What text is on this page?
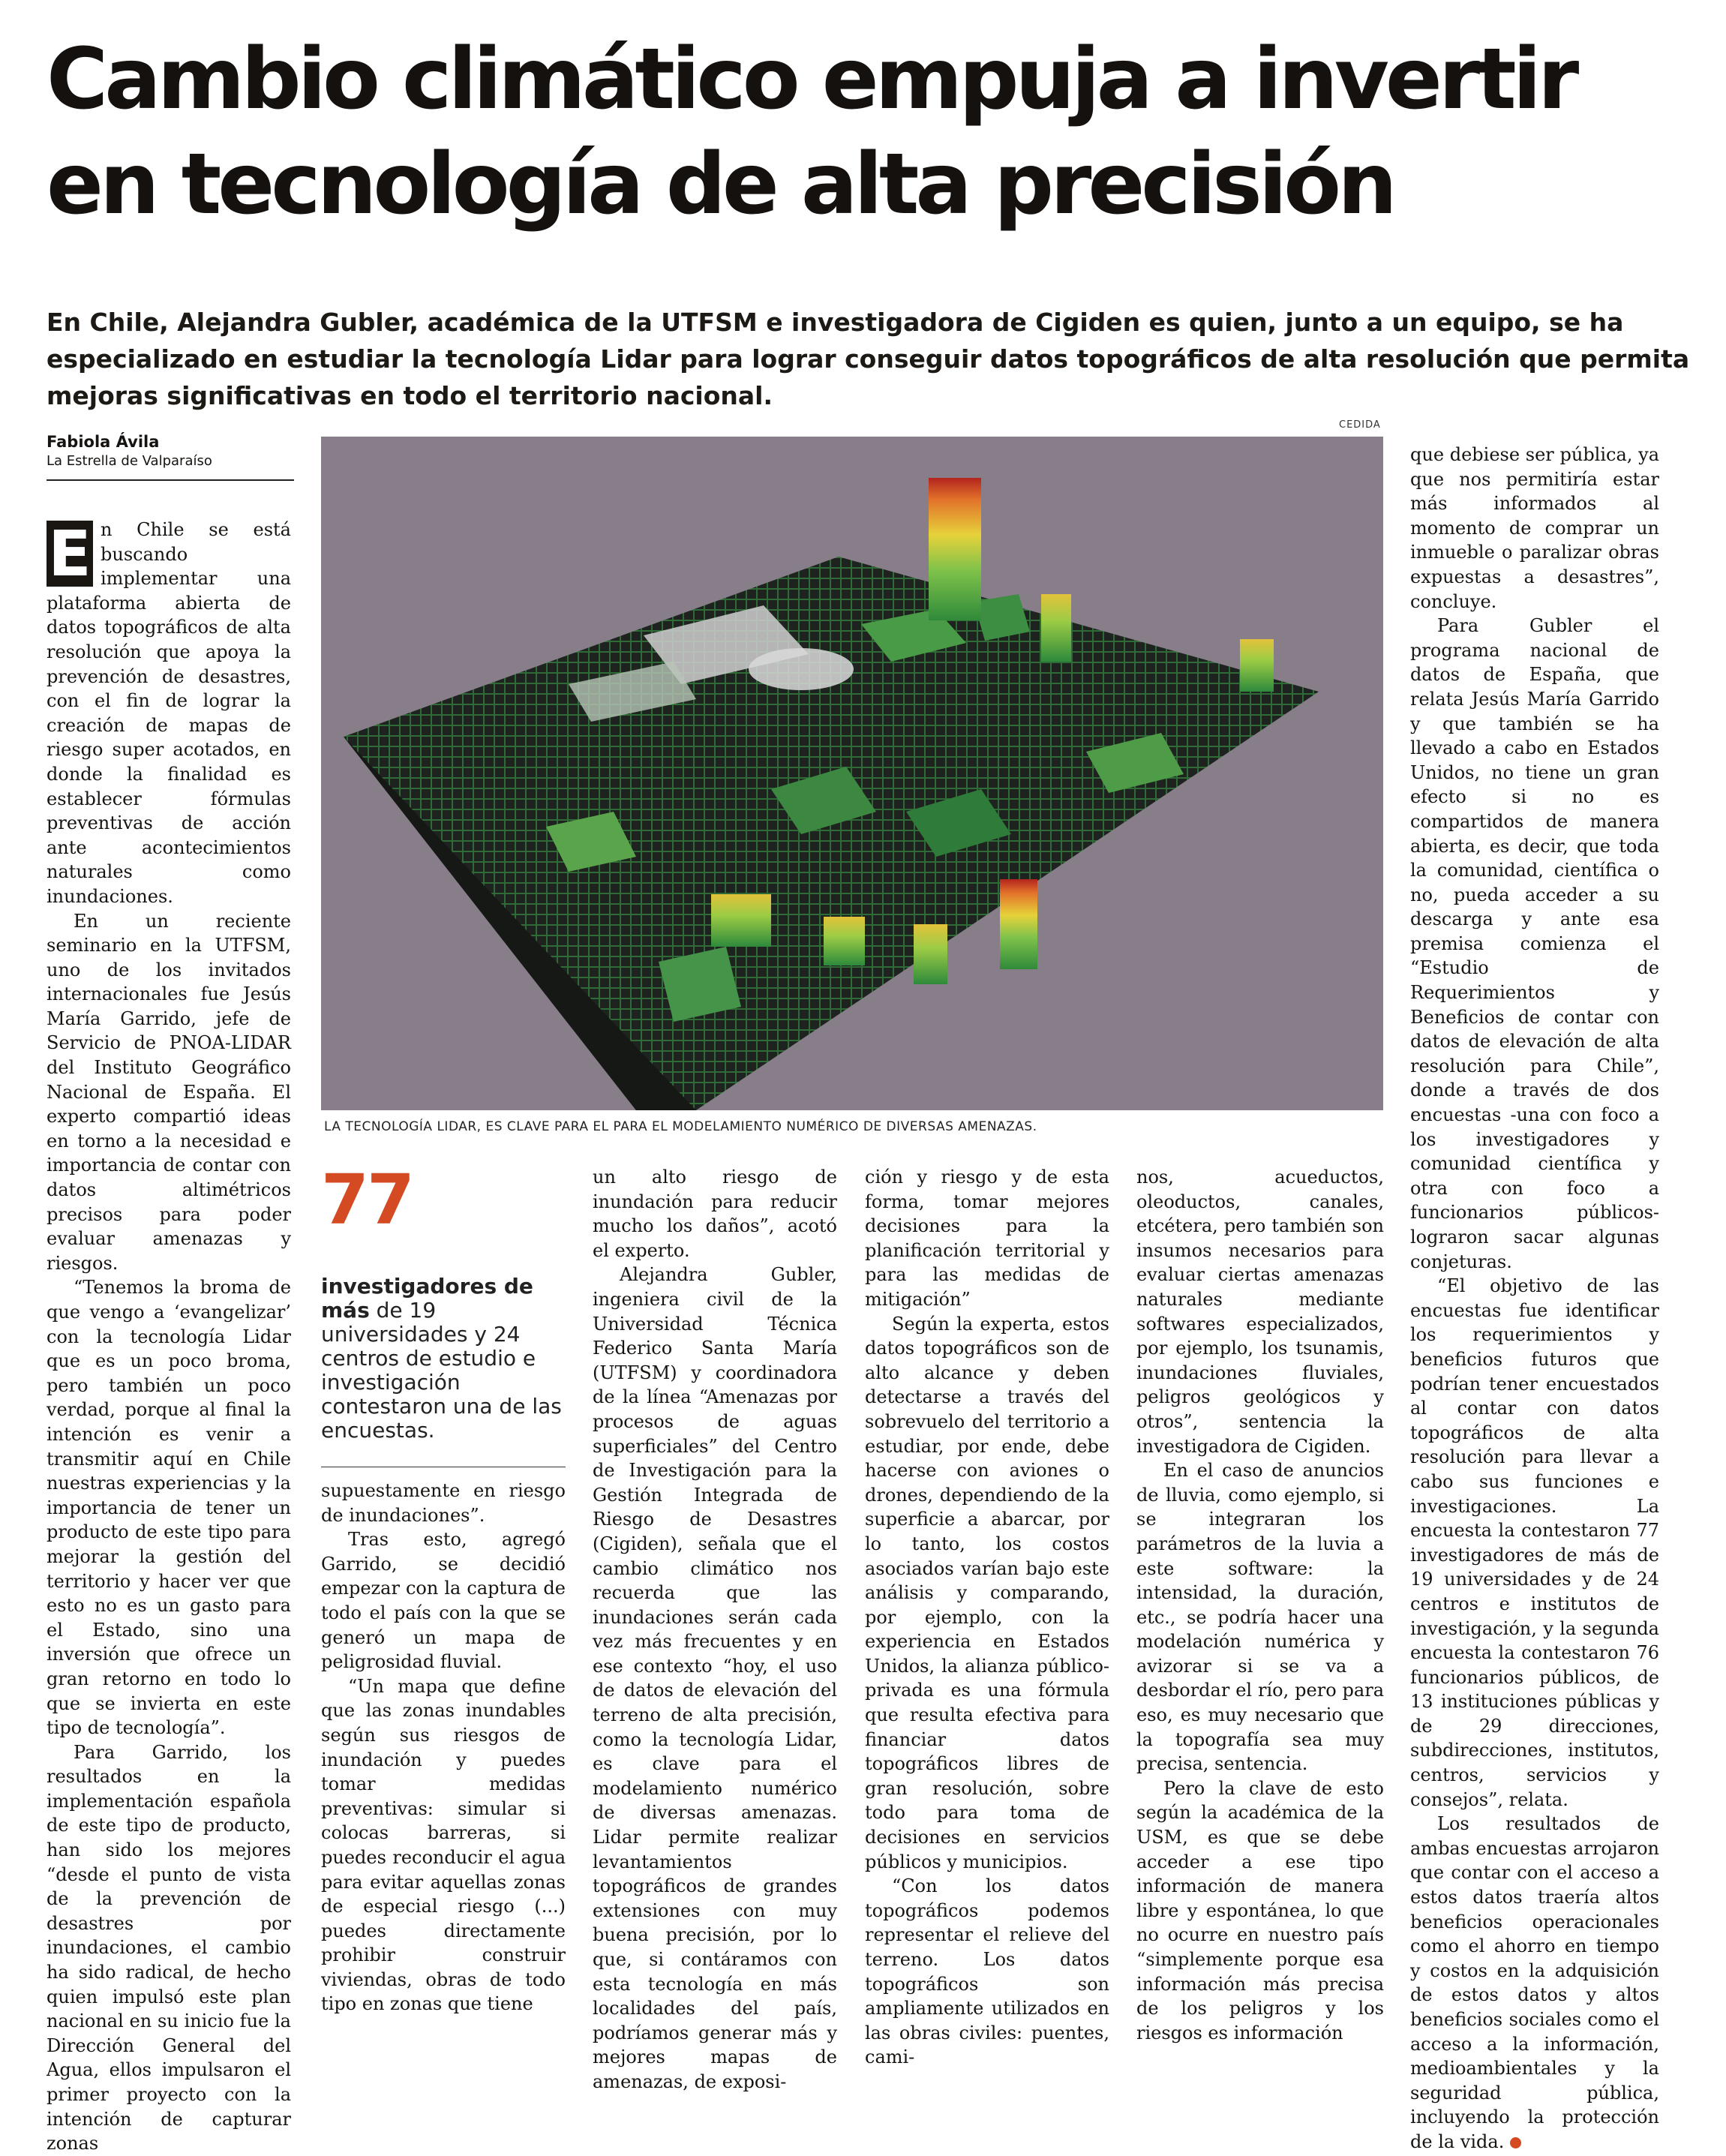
Cambio climático empuja a invertir
en tecnología de alta precisión
En Chile, Alejandra Gubler, académica de la UTFSM e investigadora de Cigiden es quien, junto a un equipo, se ha
especializado en estudiar la tecnología Lidar para lograr conseguir datos topográficos de alta resolución que permita
mejoras significativas en todo el territorio nacional.
Fabiola Ávila
La Estrella de Valparaíso
CEDIDA
LA TECNOLOGÍA LIDAR, ES CLAVE PARA EL PARA EL MODELAMIENTO NUMÉRICO DE DIVERSAS AMENAZAS.

E n Chile se está buscando implementar una plataforma abierta de datos topográficos de alta resolución que apoya la prevención de desastres, con el fin de lograr la creación de mapas de riesgo super acotados, en donde la finalidad es establecer fórmulas preventivas de acción ante acontecimientos naturales como inundaciones.

En un reciente seminario en la UTFSM, uno de los invitados internacionales fue Jesús María Garrido, jefe de Servicio de PNOA-LIDAR del Instituto Geográfico Nacional de España. El experto compartió ideas en torno a la necesidad e importancia de contar con datos altimétricos precisos para poder evaluar amenazas y riesgos.

“Tenemos la broma de que vengo a ‘evangelizar’ con la tecnología Lidar que es un poco broma, pero también un poco verdad, porque al final la intención es venir a transmitir aquí en Chile nuestras experiencias y la importancia de tener un producto de este tipo para mejorar la gestión del territorio y hacer ver que esto no es un gasto para el Estado, sino una inversión que ofrece un gran retorno en todo lo que se invierta en este tipo de tecnología”.

Para Garrido, los resultados en la implementación española de este tipo de producto, han sido los mejores “desde el punto de vista de la prevención de desastres por inundaciones, el cambio ha sido radical, de hecho quien impulsó este plan nacional en su inicio fue la Dirección General del Agua, ellos impulsaron el primer proyecto con la intención de capturar zonas

77
investigadores de más de 19 universidades y 24 centros de estudio e investigación contestaron una de las encuestas.

supuestamente en riesgo de inundaciones”.

Tras esto, agregó Garrido, se decidió empezar con la captura de todo el país con la que se generó un mapa de peligrosidad fluvial.

“Un mapa que define que las zonas inundables según sus riesgos de inundación y puedes tomar medidas preventivas: simular si colocas barreras, si puedes reconducir el agua para evitar aquellas zonas de especial riesgo (...) puedes directamente prohibir construir viviendas, obras de todo tipo en zonas que tiene

un alto riesgo de inundación para reducir mucho los daños”, acotó el experto.

Alejandra Gubler, ingeniera civil de la Universidad Técnica Federico Santa María (UTFSM) y coordinadora de la línea “Amenazas por procesos de aguas superficiales” del Centro de Investigación para la Gestión Integrada de Riesgo de Desastres (Cigiden), señala que el cambio climático nos recuerda que las inundaciones serán cada vez más frecuentes y en ese contexto “hoy, el uso de datos de elevación del terreno de alta precisión, como la tecnología Lidar, es clave para el modelamiento numérico de diversas amenazas. Lidar permite realizar levantamientos topográficos de grandes extensiones con muy buena precisión, por lo que, si contáramos con esta tecnología en más localidades del país, podríamos generar más y mejores mapas de amenazas, de exposi-

ción y riesgo y de esta forma, tomar mejores decisiones para la planificación territorial y para las medidas de mitigación”

Según la experta, estos datos topográficos son de alto alcance y deben detectarse a través del sobrevuelo del territorio a estudiar, por ende, debe hacerse con aviones o drones, dependiendo de la superficie a abarcar, por lo tanto, los costos asociados varían bajo este análisis y comparando, por ejemplo, con la experiencia en Estados Unidos, la alianza público-privada es una fórmula que resulta efectiva para financiar datos topográficos libres de gran resolución, sobre todo para toma de decisiones en servicios públicos y municipios.

“Con los datos topográficos podemos representar el relieve del terreno. Los datos topográficos son ampliamente utilizados en las obras civiles: puentes, cami-

nos, acueductos, oleoductos, canales, etcétera, pero también son insumos necesarios para evaluar ciertas amenazas naturales mediante softwares especializados, por ejemplo, los tsunamis, inundaciones fluviales, peligros geológicos y otros”, sentencia la investigadora de Cigiden.

En el caso de anuncios de lluvia, como ejemplo, si se integraran los parámetros de la luvia a este software: la intensidad, la duración, etc., se podría hacer una modelación numérica y avizorar si se va a desbordar el río, pero para eso, es muy necesario que la topografía sea muy precisa, sentencia.

Pero la clave de esto según la académica de la USM, es que se debe acceder a ese tipo información de manera libre y espontánea, lo que no ocurre en nuestro país “simplemente porque esa información más precisa de los peligros y los riesgos es información

que debiese ser pública, ya que nos permitiría estar más informados al momento de comprar un inmueble o paralizar obras expuestas a desastres”, concluye.

Para Gubler el programa nacional de datos de España, que relata Jesús María Garrido y que también se ha llevado a cabo en Estados Unidos, no tiene un gran efecto si no es compartidos de manera abierta, es decir, que toda la comunidad, científica o no, pueda acceder a su descarga y ante esa premisa comienza el “Estudio de Requerimientos y Beneficios de contar con datos de elevación de alta resolución para Chile”, donde a través de dos encuestas -una con foco a los investigadores y comunidad científica y otra con foco a funcionarios públicos- lograron sacar algunas conjeturas.

“El objetivo de las encuestas fue identificar los requerimientos y beneficios futuros que podrían tener encuestados al contar con datos topográficos de alta resolución para llevar a cabo sus funciones e investigaciones. La encuesta la contestaron 77 investigadores de más de 19 universidades y de 24 centros e institutos de investigación, y la segunda encuesta la contestaron 76 funcionarios públicos, de 13 instituciones públicas y de 29 direcciones, subdirecciones, institutos, centros, servicios y consejos”, relata.

Los resultados de ambas encuestas arrojaron que contar con el acceso a estos datos traería altos beneficios operacionales como el ahorro en tiempo y costos en la adquisición de estos datos y altos beneficios sociales como el acceso a la información, medioambientales y la seguridad pública, incluyendo la protección de la vida.	✪
